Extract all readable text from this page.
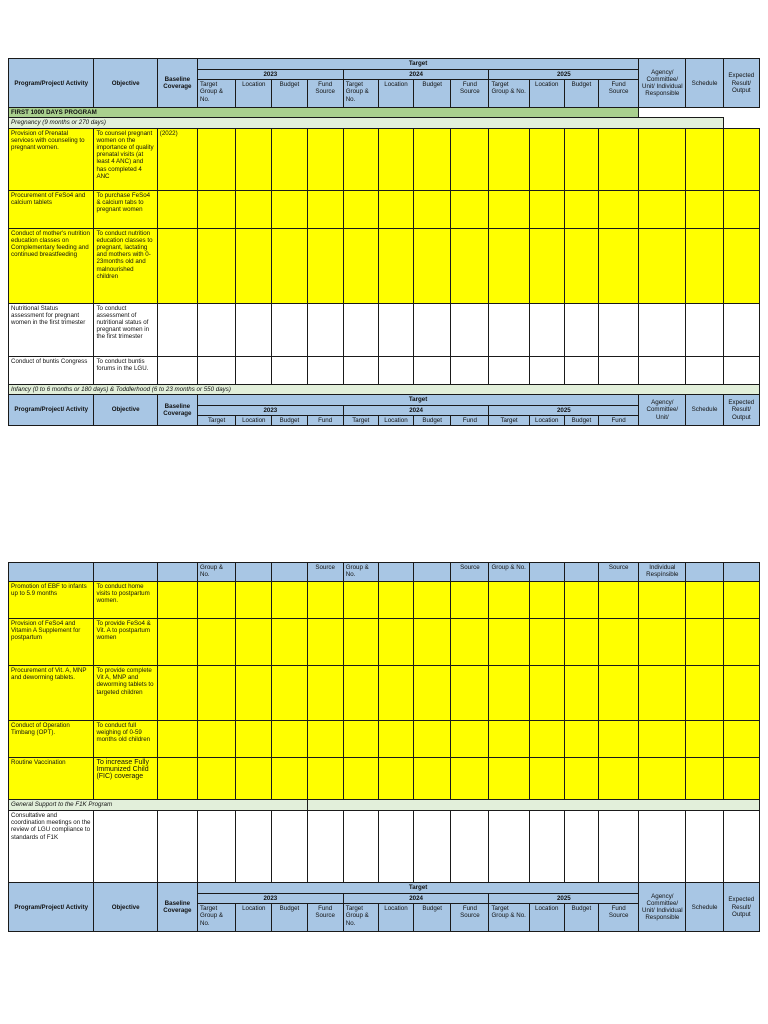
Program/Project/ Activity	Objective	Baseline Coverage	Target												Agency/ Committee/ Unit/ Individual Responsible	Schedule	Expected Result/ Output
			2023				2024				2025						
			Target Group & No.	Location	Budget	Fund Source	Target Group & No.	Location	Budget	Fund Source	Target Group & No.	Location	Budget	Fund Source			
FIRST 1000 DAYS PROGRAM																	
Pregnancy (9 months or 270 days)																	
Provision of Prenatal services with counseling to pregnant women.	To counsel pregnant women on the importance of quality prenatal visits (at least 4 ANC) and has completed 4 ANC	(2022)															
Procurement of FeSo4 and calcium tablets	To purchase FeSo4 & calcium tabs to pregnant women																
Conduct of mother's nutrition education classes on Complementary feeding and continued breastfeeding	To conduct nutrition education classes to pregnant, lactating and mothers with 0-23months old and malnourished children																
Nutritional Status assessment for pregnant women in the first trimester	To conduct assessment of nutritional status of pregnant women in the first trimester																
Conduct of buntis Congress	To conduct buntis forums in the LGU.																
Infancy (0 to 6 months or 180 days) & Toddlerhood (6 to 23 months or 550 days)																	
Program/Project/ Activity	Objective	Baseline Coverage	Target												Agency/ Committee/ Unit/	Schedule	Expected Result/ Output
			2023				2024				2025						
			Target	Location	Budget	Fund	Target	Location	Budget	Fund	Target	Location	Budget	Fund			
			Group & No.			Source	Group & No.			Source	Group & No.			Source	Individual Respínsible		
Promotion of EBF to infants up to 5.9 months	To conduct home visits to postpartum women.																
Provision of FeSo4 and Vitamin A Supplement for postpartum	To provide FeSo4 & Vit. A to postpartum women																
Procurement of Vit. A, MNP and deworming tablets.	To provide complete Vit A, MNP and deworming tablets to targeted children																
Conduct of Operation Timbang (OPT).	To conduct full weighing of 0-59 months old children																
Routine Vaccination	To increase Fully Immunized Child (FIC) coverage																
General Support to the F1K Program																	
Consultative and coordination meetings on the review of LGU compliance to standards of F1K																	
Program/Project/ Activity	Objective	Baseline Coverage	Target												Agency/ Committee/ Unit/ Individual Responsible	Schedule	Expected Result/ Output
			2023				2024				2025						
			Target Group & No.	Location	Budget	Fund Source	Target Group & No.	Location	Budget	Fund Source	Target Group & No.	Location	Budget	Fund Source			
